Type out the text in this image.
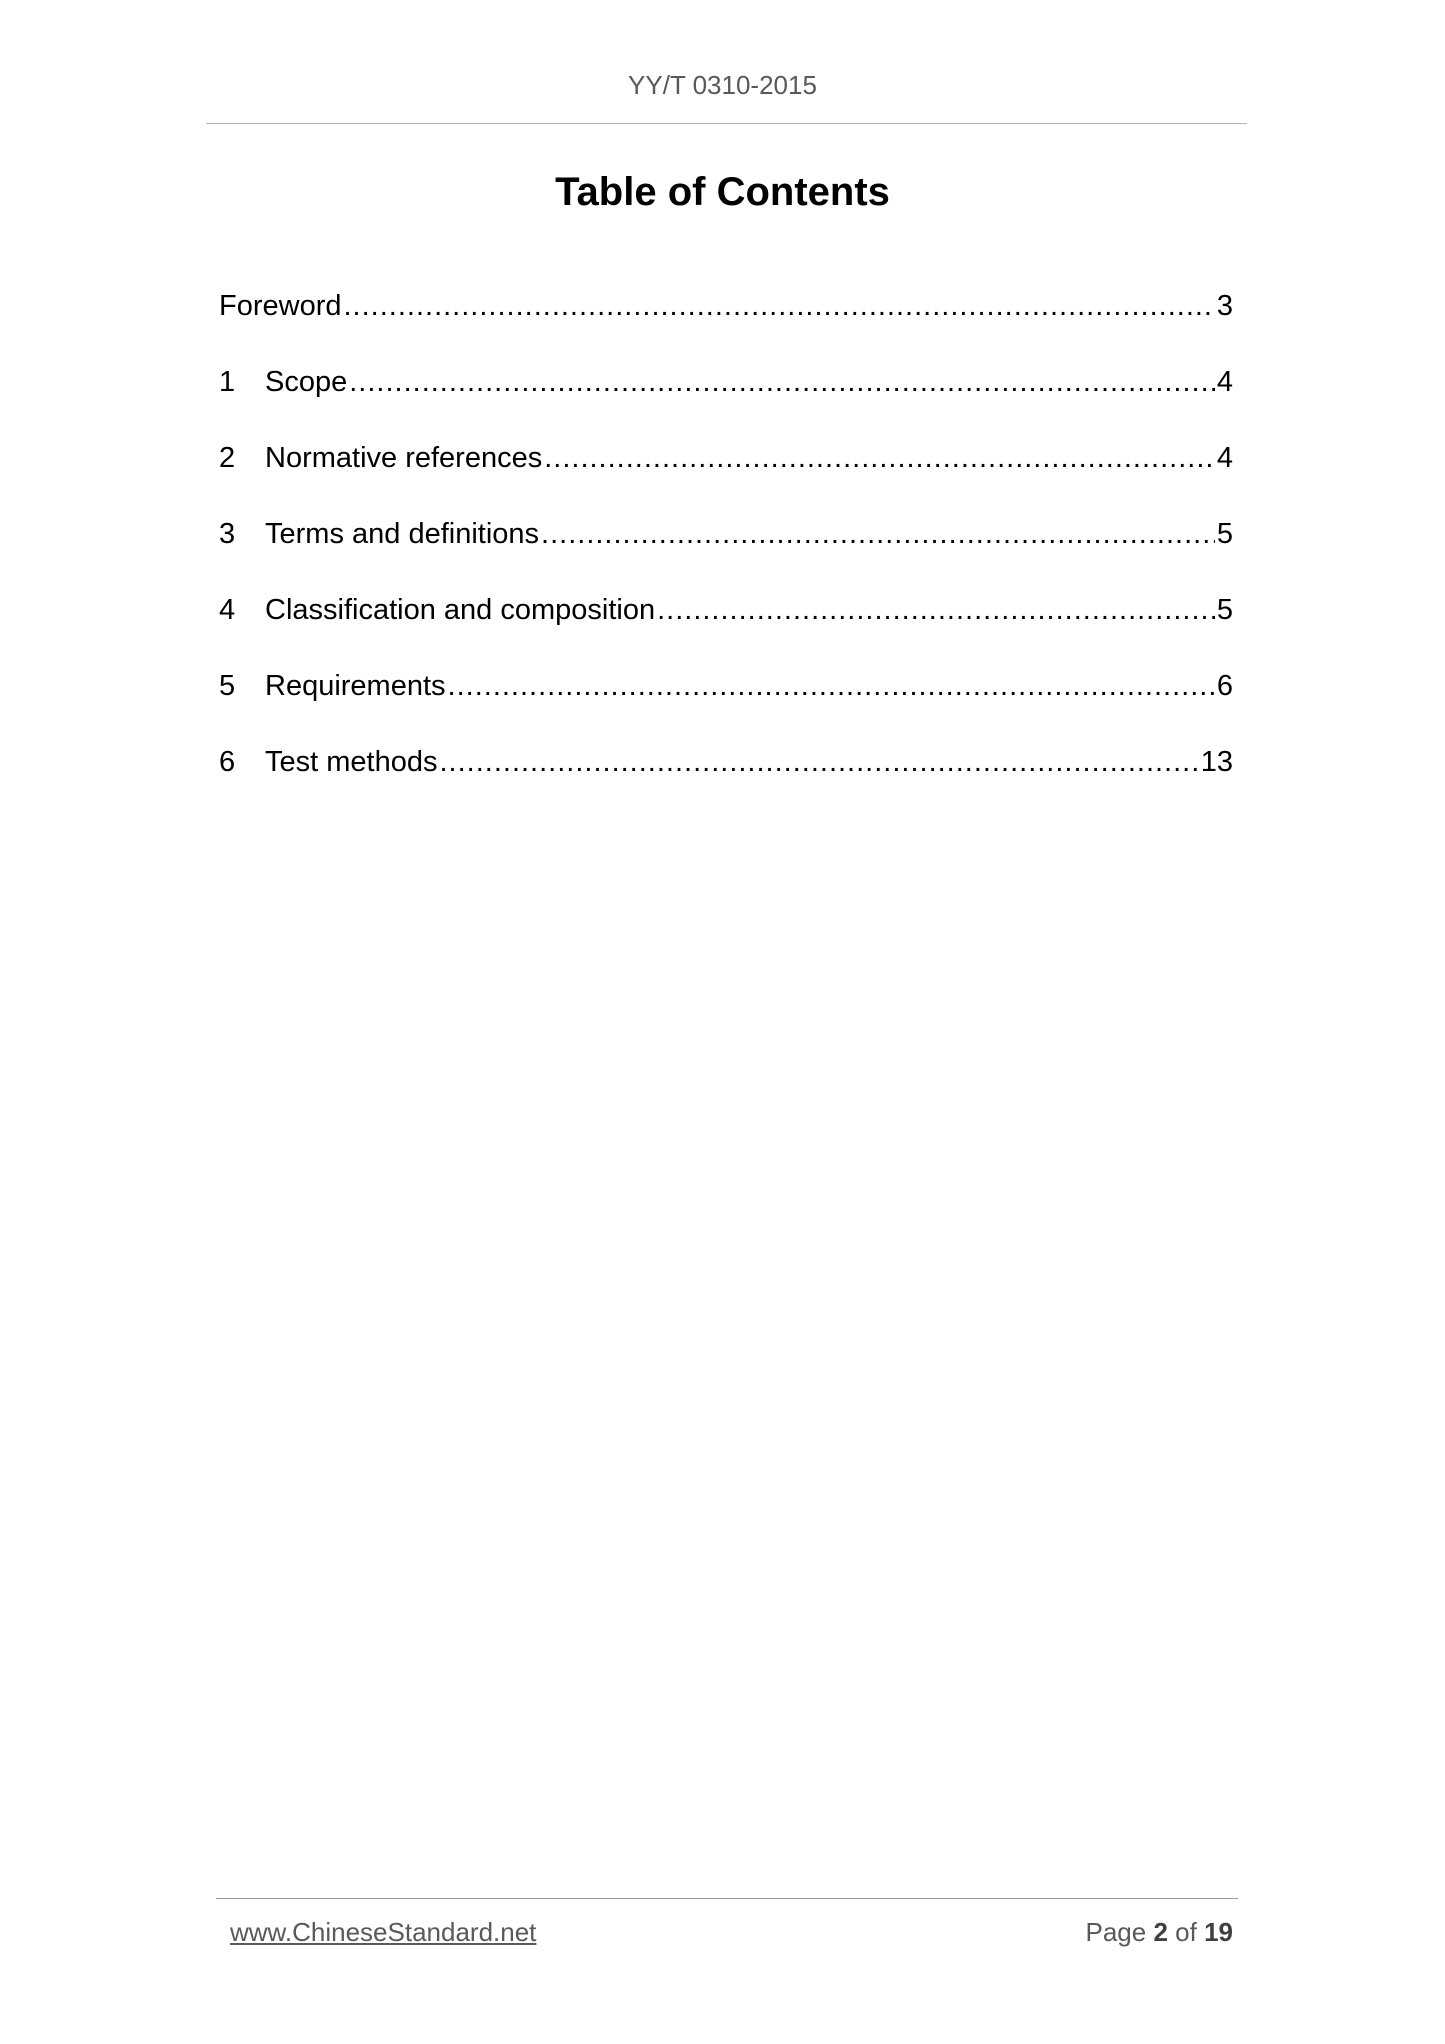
YY/T 0310-2015
Table of Contents
Foreword .....	3
1	Scope .....	4
2	Normative references .....	4
3	Terms and definitions .....	5
4	Classification and composition .....	5
5	Requirements .....	6
6	Test methods .....	13
www.ChineseStandard.net	Page 2 of 19
